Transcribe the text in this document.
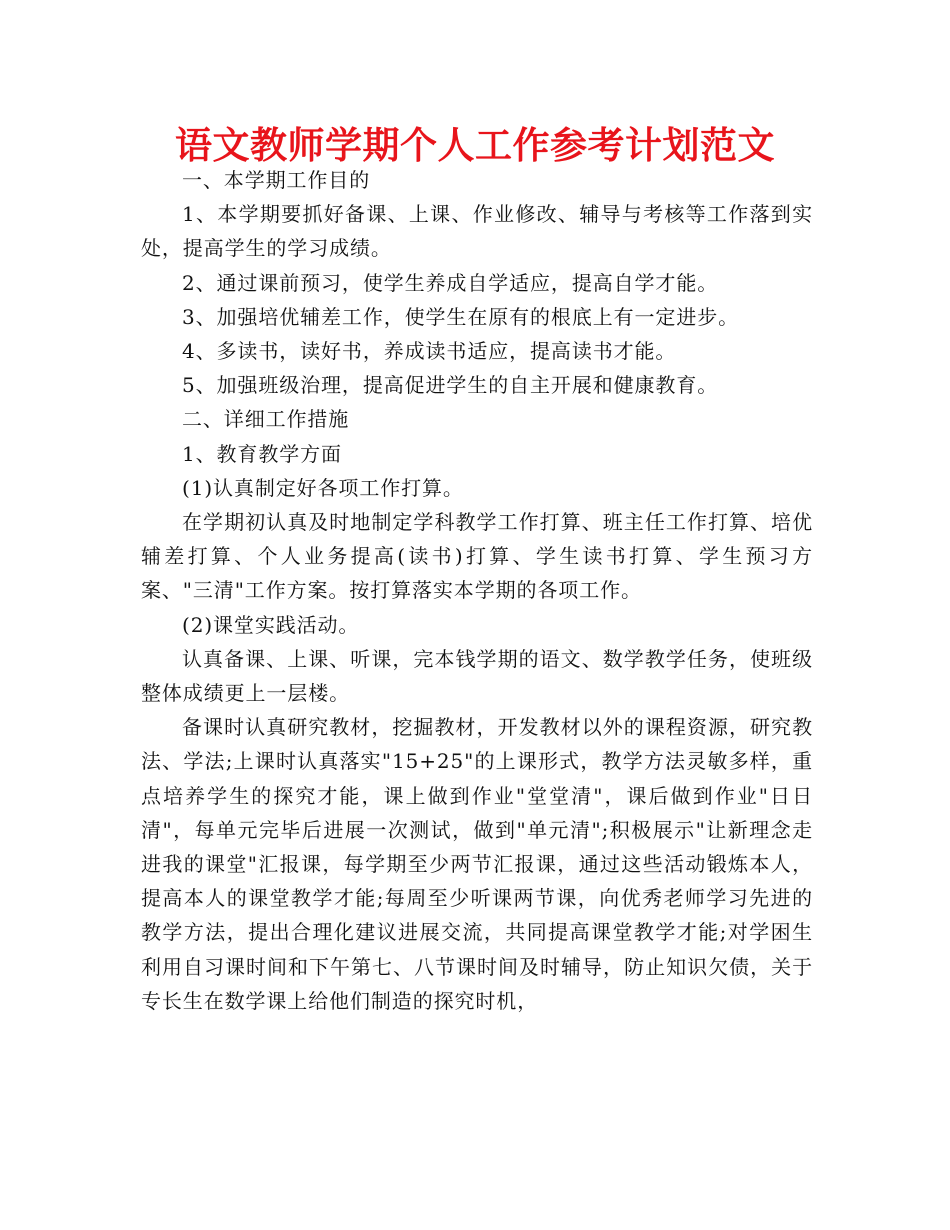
语文教师学期个人工作参考计划范文

一、本学期工作目的

1、本学期要抓好备课、上课、作业修改、辅导与考核等工作落到实处，提高学生的学习成绩。

2、通过课前预习，使学生养成自学适应，提高自学才能。

3、加强培优辅差工作，使学生在原有的根底上有一定进步。

4、多读书，读好书，养成读书适应，提高读书才能。

5、加强班级治理，提高促进学生的自主开展和健康教育。

二、详细工作措施

1、教育教学方面

(1)认真制定好各项工作打算。

在学期初认真及时地制定学科教学工作打算、班主任工作打算、培优辅差打算、个人业务提高(读书)打算、学生读书打算、学生预习方案、"三清"工作方案。按打算落实本学期的各项工作。

(2)课堂实践活动。

认真备课、上课、听课，完本钱学期的语文、数学教学任务，使班级整体成绩更上一层楼。

备课时认真研究教材，挖掘教材，开发教材以外的课程资源，研究教法、学法;上课时认真落实"15+25"的上课形式，教学方法灵敏多样，重点培养学生的探究才能，课上做到作业"堂堂清"，课后做到作业"日日清"，每单元完毕后进展一次测试，做到"单元清";积极展示"让新理念走进我的课堂"汇报课，每学期至少两节汇报课，通过这些活动锻炼本人，提高本人的课堂教学才能;每周至少听课两节课，向优秀老师学习先进的教学方法，提出合理化建议进展交流，共同提高课堂教学才能;对学困生利用自习课时间和下午第七、八节课时间及时辅导，防止知识欠债，关于专长生在数学课上给他们制造的探究时机，
